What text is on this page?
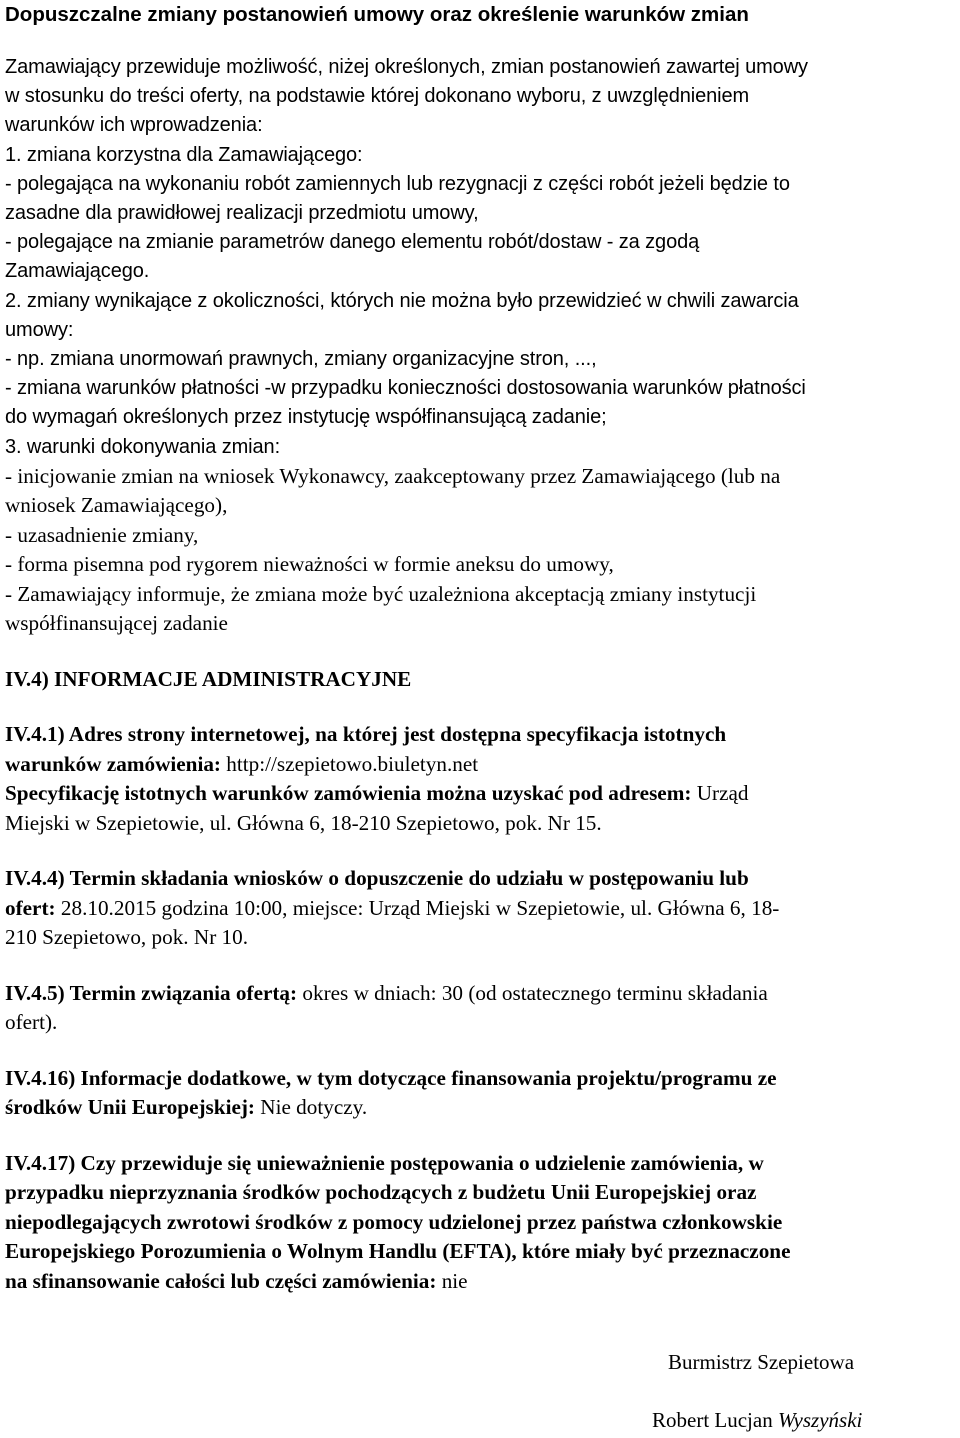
Dopuszczalne zmiany postanowień umowy oraz określenie warunków zmian
Zamawiający przewiduje możliwość, niżej określonych, zmian postanowień zawartej umowy
w stosunku do treści oferty, na podstawie której dokonano wyboru, z uwzględnieniem
warunków ich wprowadzenia:
1. zmiana korzystna dla Zamawiającego:
- polegająca na wykonaniu robót zamiennych lub rezygnacji z części robót jeżeli będzie to
zasadne dla prawidłowej realizacji przedmiotu umowy,
- polegające na zmianie parametrów danego elementu robót/dostaw - za zgodą
Zamawiającego.
2. zmiany wynikające z okoliczności, których nie można było przewidzieć w chwili zawarcia
umowy:
- np. zmiana unormowań prawnych, zmiany organizacyjne stron, ...,
- zmiana warunków płatności -w przypadku konieczności dostosowania warunków płatności
do wymagań określonych przez instytucję współfinansującą zadanie;
3. warunki dokonywania zmian:
- inicjowanie zmian na wniosek Wykonawcy, zaakceptowany przez Zamawiającego (lub na
wniosek Zamawiającego),
- uzasadnienie zmiany,
- forma pisemna pod rygorem nieważności w formie aneksu do umowy,
- Zamawiający informuje, że zmiana może być uzależniona akceptacją zmiany instytucji
współfinansującej zadanie
IV.4) INFORMACJE ADMINISTRACYJNE
IV.4.1) Adres strony internetowej, na której jest dostępna specyfikacja istotnych
warunków zamówienia: http://szepietowo.biuletyn.net
Specyfikację istotnych warunków zamówienia można uzyskać pod adresem: Urząd
Miejski w Szepietowie, ul. Główna 6, 18-210 Szepietowo, pok. Nr 15.
IV.4.4) Termin składania wniosków o dopuszczenie do udziału w postępowaniu lub
ofert: 28.10.2015 godzina 10:00, miejsce: Urząd Miejski w Szepietowie, ul. Główna 6, 18-
210 Szepietowo, pok. Nr 10.
IV.4.5) Termin związania ofertą: okres w dniach: 30 (od ostatecznego terminu składania
ofert).
IV.4.16) Informacje dodatkowe, w tym dotyczące finansowania projektu/programu ze
środków Unii Europejskiej: Nie dotyczy.
IV.4.17) Czy przewiduje się unieważnienie postępowania o udzielenie zamówienia, w
przypadku nieprzyznania środków pochodzących z budżetu Unii Europejskiej oraz
niepodlegających zwrotowi środków z pomocy udzielonej przez państwa członkowskie
Europejskiego Porozumienia o Wolnym Handlu (EFTA), które miały być przeznaczone
na sfinansowanie całości lub części zamówienia: nie
Burmistrz Szepietowa
Robert Lucjan Wyszyński
